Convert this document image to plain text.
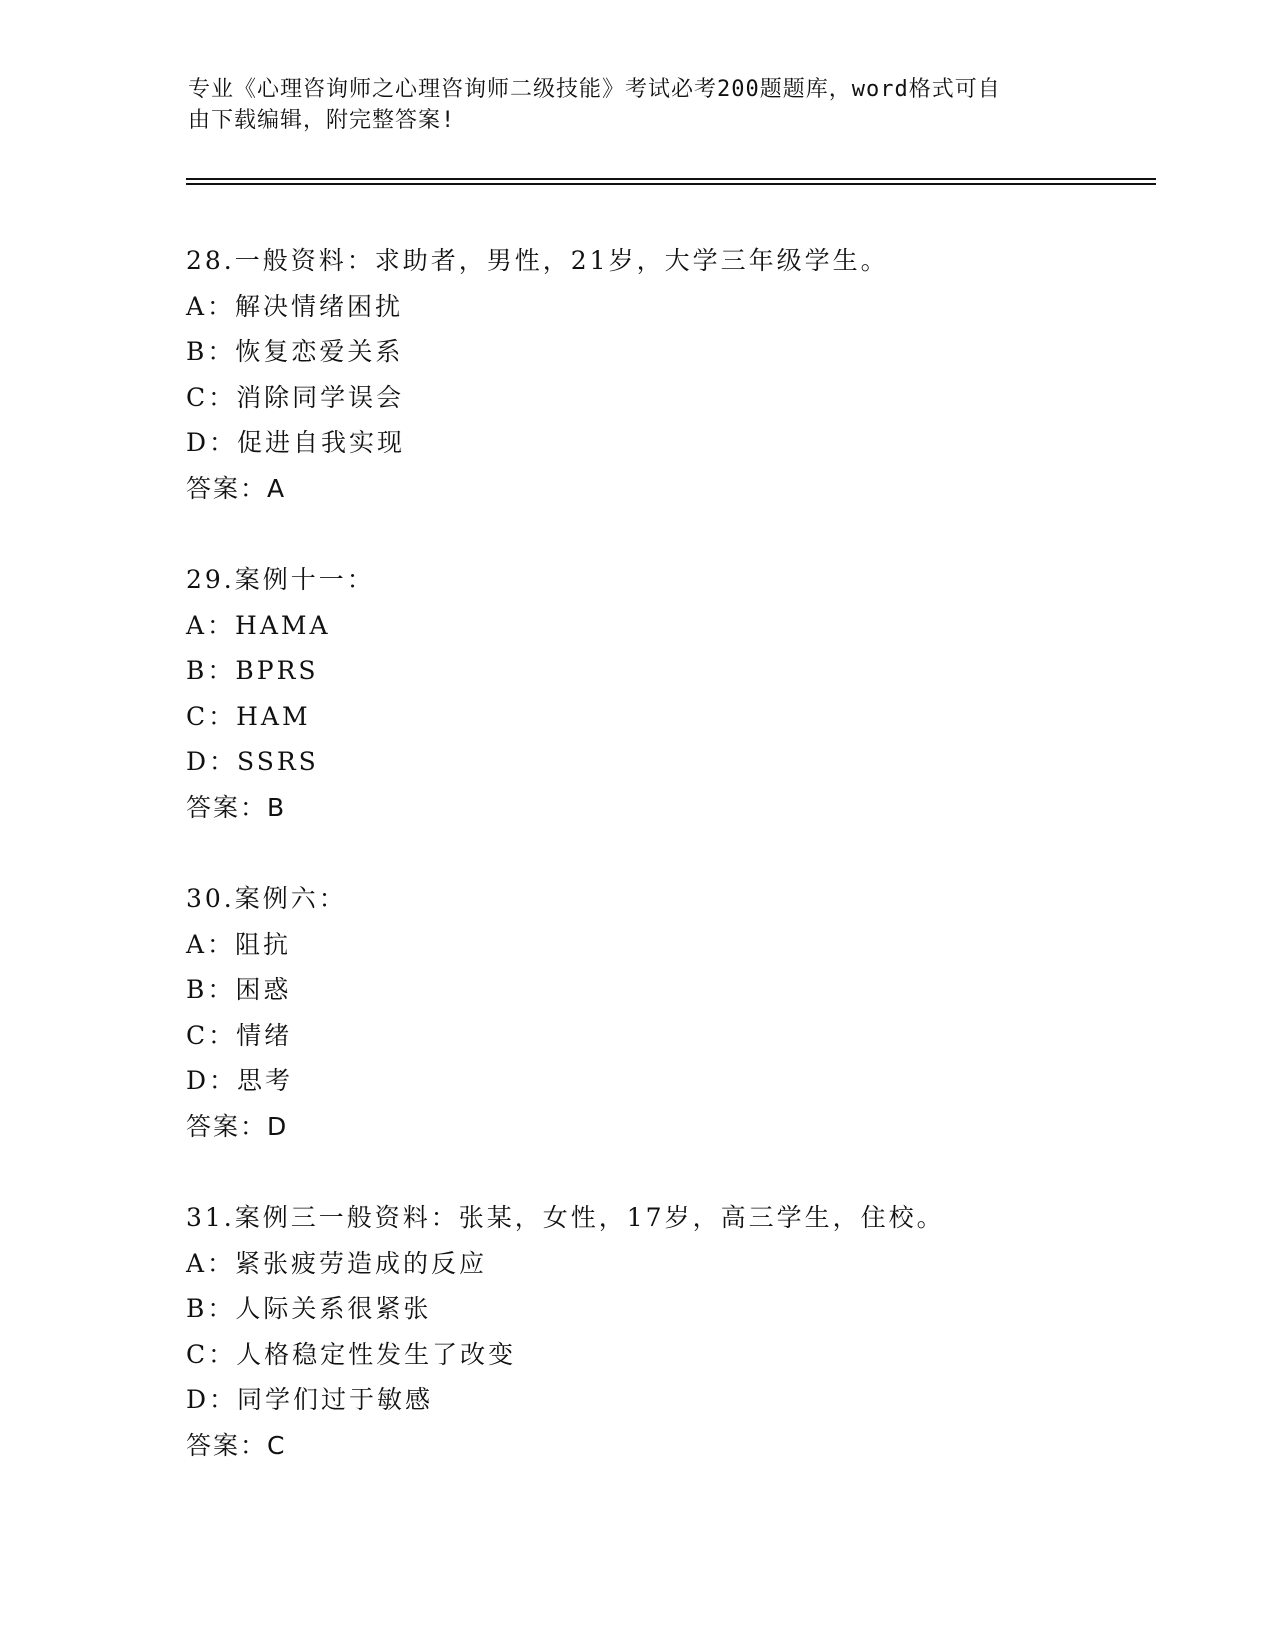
专业《心理咨询师之心理咨询师二级技能》考试必考200题题库，word格式可自
由下载编辑，附完整答案!
28.一般资料：求助者，男性，21岁，大学三年级学生。
A：解决情绪困扰
B：恢复恋爱关系
C：消除同学误会
D：促进自我实现
答案：A
29.案例十一：
A：HAMA
B：BPRS
C：HAM
D：SSRS
答案：B
30.案例六：
A：阻抗
B：困惑
C：情绪
D：思考
答案：D
31.案例三一般资料：张某，女性，17岁，高三学生，住校。
A：紧张疲劳造成的反应
B：人际关系很紧张
C：人格稳定性发生了改变
D：同学们过于敏感
答案：C
